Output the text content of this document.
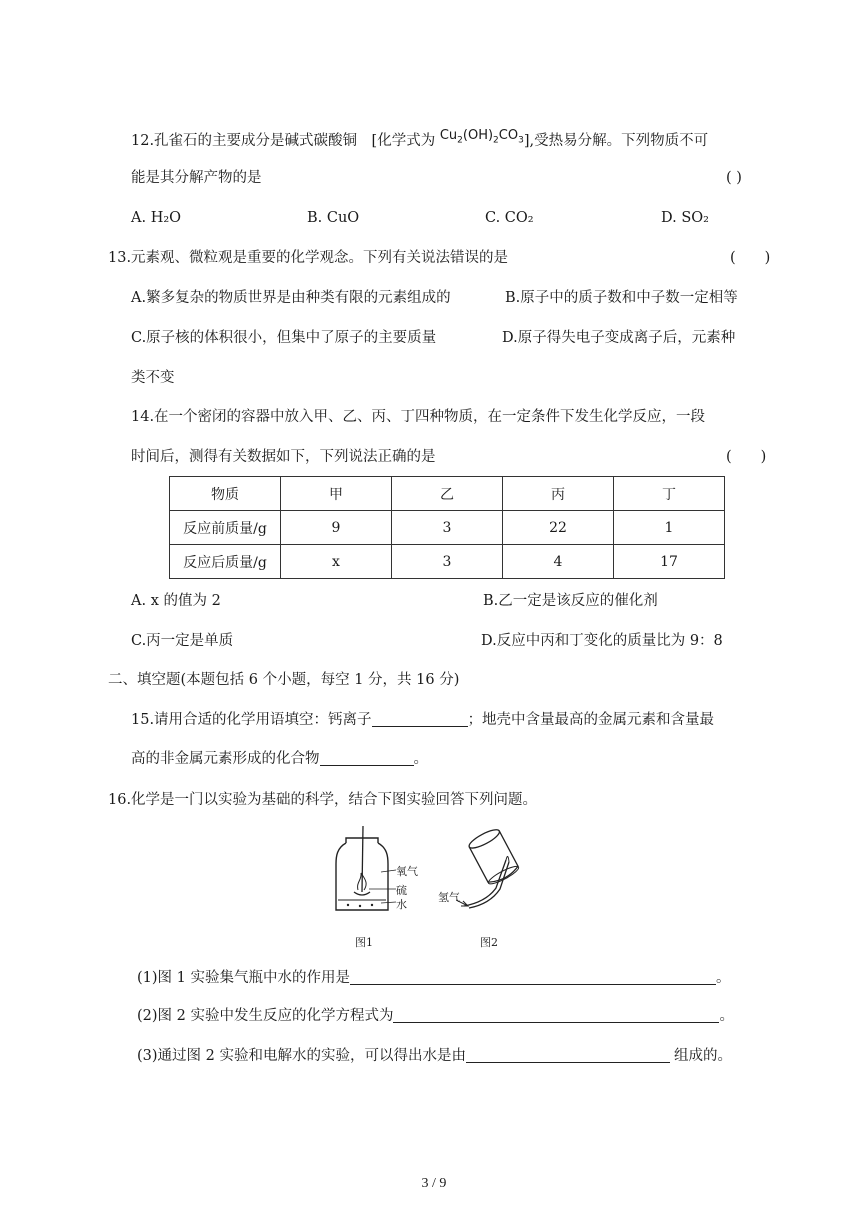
12.孔雀石的主要成分是碱式碳酸铜　[化学式为 $Cu_2(OH)_2CO_3$],受热易分解。下列物质不可
能是其分解产物的是	( )
A. H₂O	B. CuO	C. CO₂	D. SO₂
13.元素观、微粒观是重要的化学观念。下列有关说法错误的是	(　　)
A.繁多复杂的物质世界是由种类有限的元素组成的	B.原子中的质子数和中子数一定相等
C.原子核的体积很小，但集中了原子的主要质量	D.原子得失电子变成离子后，元素种
类不变
14.在一个密闭的容器中放入甲、乙、丙、丁四种物质，在一定条件下发生化学反应，一段
时间后，测得有关数据如下，下列说法正确的是	(　　)
物质	甲	乙	丙	丁
反应前质量/g	9	3	22	1
反应后质量/g	x	3	4	17
A. x 的值为 2	B.乙一定是该反应的催化剂
C.丙一定是单质	D.反应中丙和丁变化的质量比为 9：8
二、填空题(本题包括 6 个小题，每空 1 分，共 16 分)
15.请用合适的化学用语填空：钙离子	；地壳中含量最高的金属元素和含量最
高的非金属元素形成的化合物	。
16.化学是一门以实验为基础的科学，结合下图实验回答下列问题。
氧气
硫
水
图1
氢气
图2
(1)图 1 实验集气瓶中水的作用是	。
(2)图 2 实验中发生反应的化学方程式为	。
(3)通过图 2 实验和电解水的实验，可以得出水是由	组成的。
3 / 9
